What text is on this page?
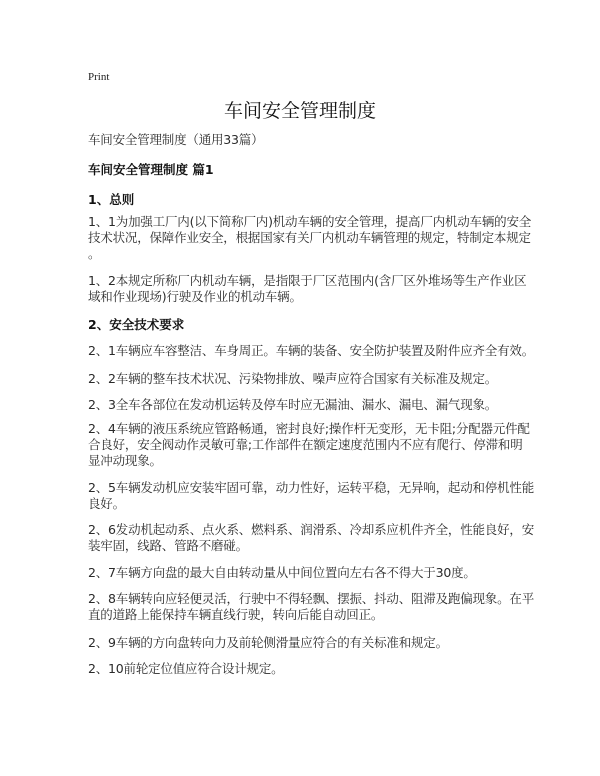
Print
车间安全管理制度
车间安全管理制度（通用33篇）
车间安全管理制度 篇1
1、总则
1、1为加强工厂内(以下简称厂内)机动车辆的安全管理，提高厂内机动车辆的安全
技术状况，保障作业安全，根据国家有关厂内机动车辆管理的规定，特制定本规定
。
1、2本规定所称厂内机动车辆，是指限于厂区范围内(含厂区外堆场等生产作业区
域和作业现场)行驶及作业的机动车辆。
2、安全技术要求
2、1车辆应车容整洁、车身周正。车辆的装备、安全防护装置及附件应齐全有效。
2、2车辆的整车技术状况、污染物排放、噪声应符合国家有关标准及规定。
2、3全车各部位在发动机运转及停车时应无漏油、漏水、漏电、漏气现象。
2、4车辆的液压系统应管路畅通，密封良好;操作杆无变形，无卡阻;分配器元件配
合良好，安全阀动作灵敏可靠;工作部件在额定速度范围内不应有爬行、停滞和明
显冲动现象。
2、5车辆发动机应安装牢固可靠，动力性好，运转平稳，无异响，起动和停机性能
良好。
2、6发动机起动系、点火系、燃料系、润滑系、冷却系应机件齐全，性能良好，安
装牢固，线路、管路不磨碰。
2、7车辆方向盘的最大自由转动量从中间位置向左右各不得大于30度。
2、8车辆转向应轻便灵活，行驶中不得轻飘、摆振、抖动、阻滞及跑偏现象。在平
直的道路上能保持车辆直线行驶，转向后能自动回正。
2、9车辆的方向盘转向力及前轮侧滑量应符合的有关标准和规定。
2、10前轮定位值应符合设计规定。
